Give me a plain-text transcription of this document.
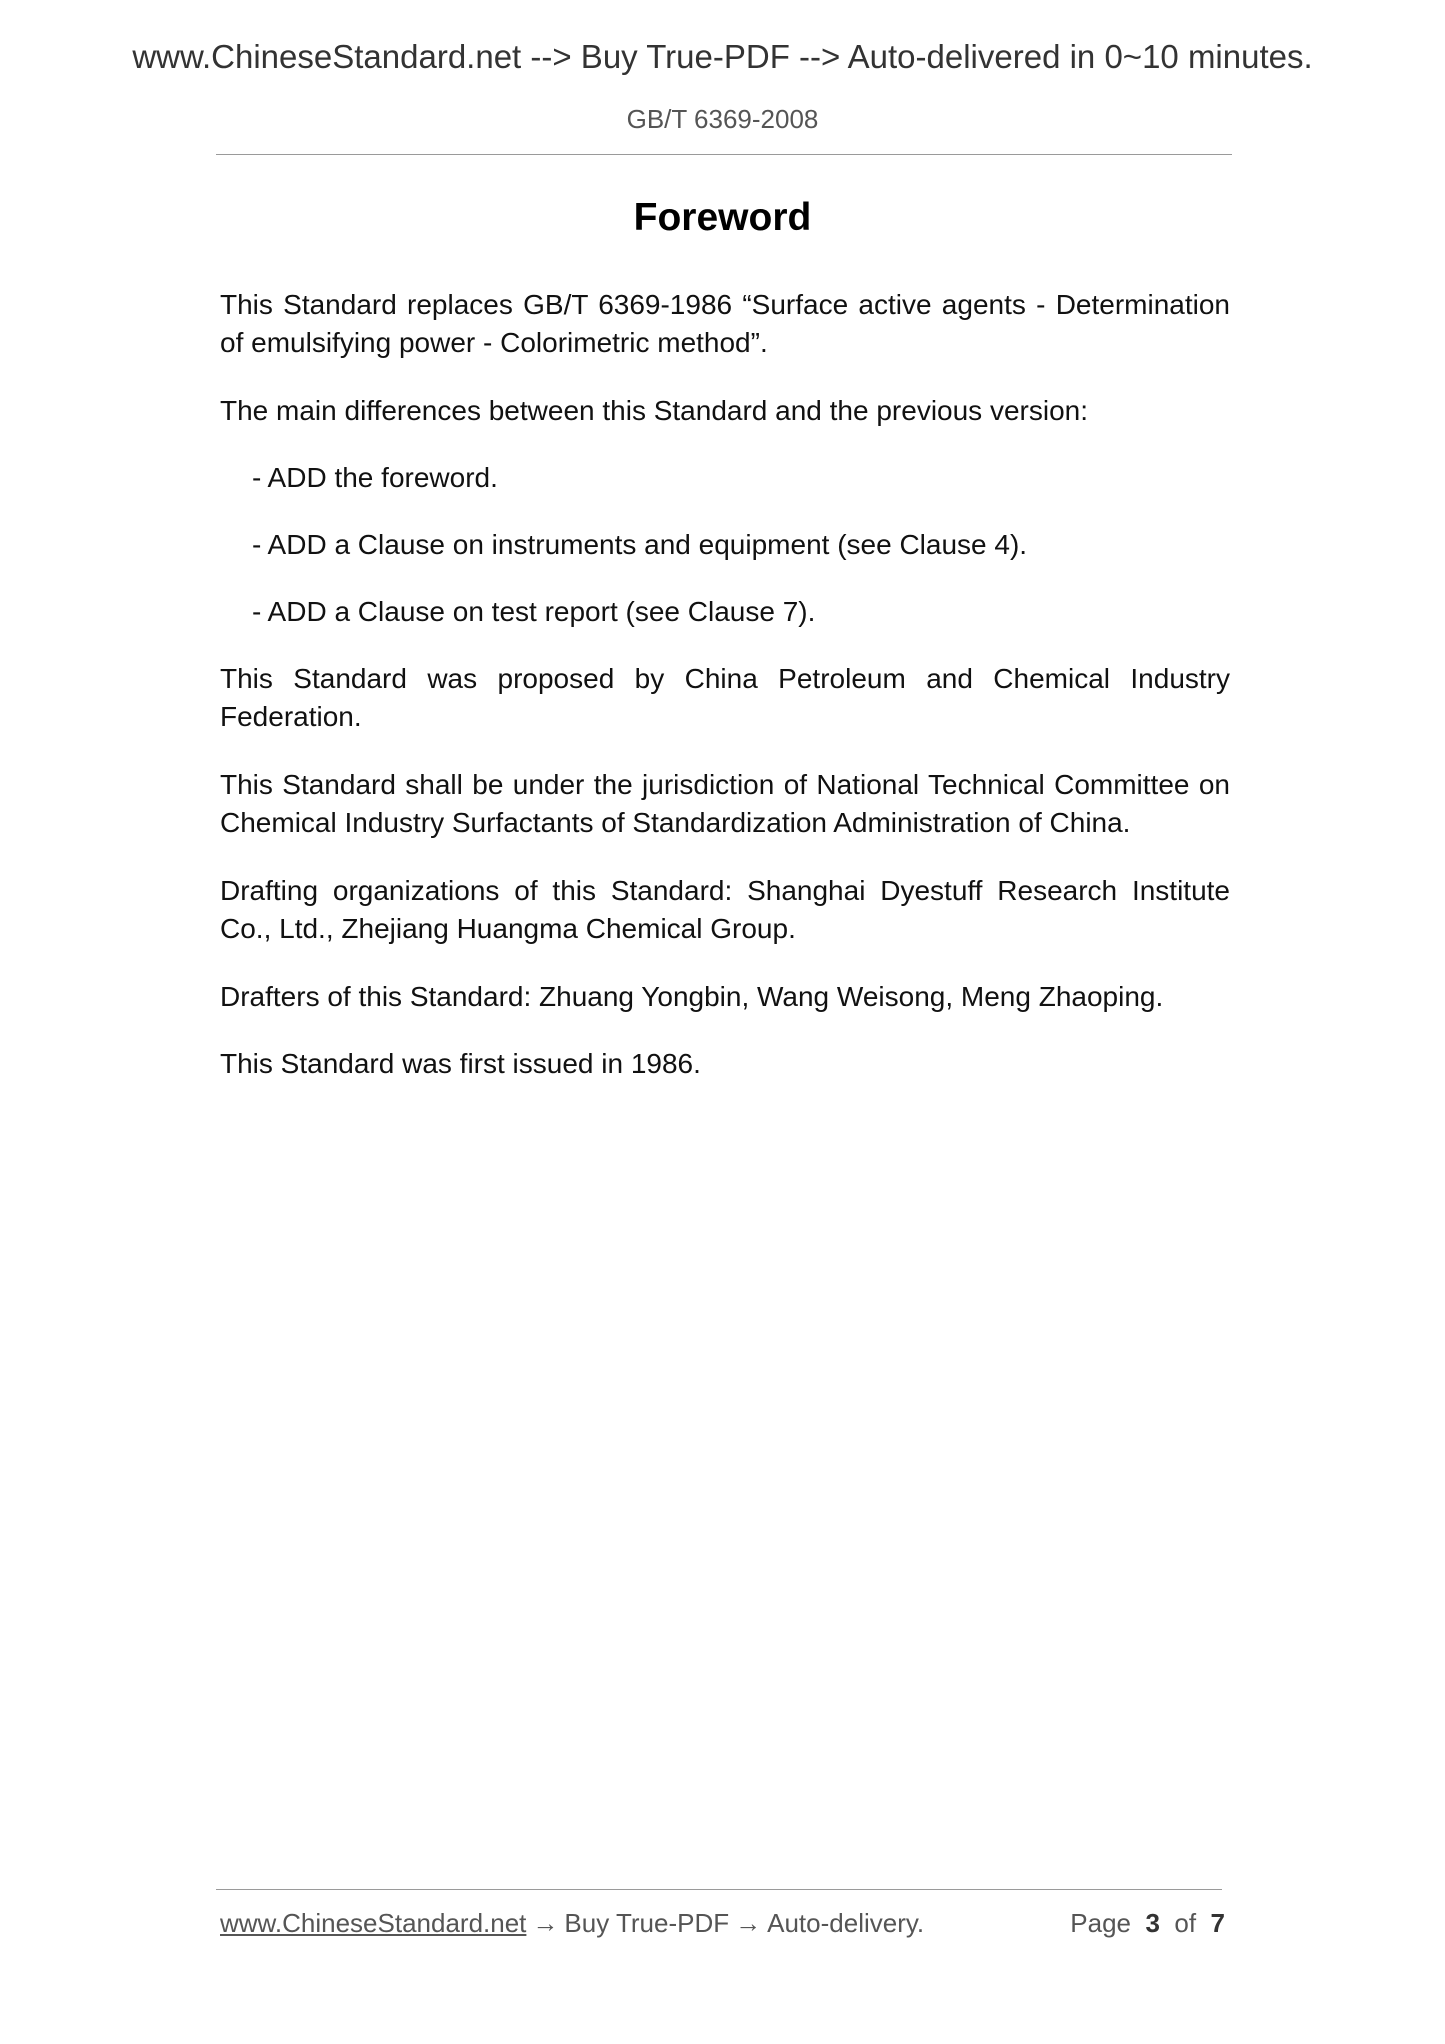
www.ChineseStandard.net --> Buy True-PDF --> Auto-delivered in 0~10 minutes.
GB/T 6369-2008
Foreword

This Standard replaces GB/T 6369-1986 “Surface active agents - Determination of emulsifying power - Colorimetric method”.

The main differences between this Standard and the previous version:

- ADD the foreword.

- ADD a Clause on instruments and equipment (see Clause 4).

- ADD a Clause on test report (see Clause 7).

This Standard was proposed by China Petroleum and Chemical Industry Federation.

This Standard shall be under the jurisdiction of National Technical Committee on Chemical Industry Surfactants of Standardization Administration of China.

Drafting organizations of this Standard: Shanghai Dyestuff Research Institute Co., Ltd., Zhejiang Huangma Chemical Group.

Drafters of this Standard: Zhuang Yongbin, Wang Weisong, Meng Zhaoping.

This Standard was first issued in 1986.

www.ChineseStandard.net → Buy True-PDF → Auto-delivery.	Page 3 of 7
